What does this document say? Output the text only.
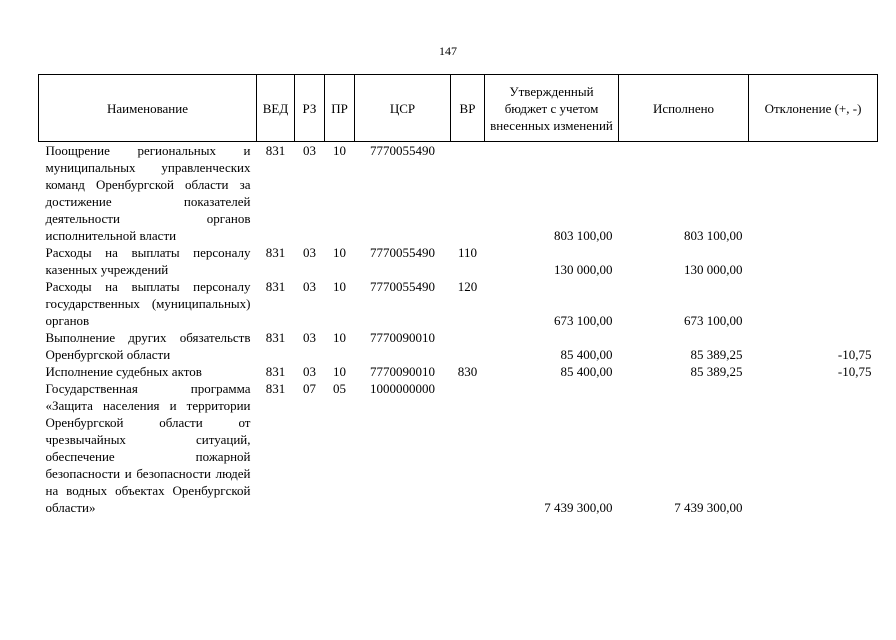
147
Наименование	ВЕД	РЗ	ПР	ЦСР	ВР	Утвержденный бюджет с учетом внесенных изменений	Исполнено	Отклонение (+, -)
Поощрение региональных и муниципальных управленческих команд Оренбургской области за достижение показателей деятельности органов исполнительной власти	831	03	10	7770055490		803 100,00	803 100,00	
Расходы на выплаты персоналу казенных учреждений	831	03	10	7770055490	110	130 000,00	130 000,00	
Расходы на выплаты персоналу государственных (муниципальных) органов	831	03	10	7770055490	120	673 100,00	673 100,00	
Выполнение других обязательств Оренбургской области	831	03	10	7770090010		85 400,00	85 389,25	-10,75
Исполнение судебных актов	831	03	10	7770090010	830	85 400,00	85 389,25	-10,75
Государственная программа «Защита населения и территории Оренбургской области от чрезвычайных ситуаций, обеспечение пожарной безопасности и безопасности людей на водных объектах Оренбургской области»	831	07	05	1000000000		7 439 300,00	7 439 300,00	
